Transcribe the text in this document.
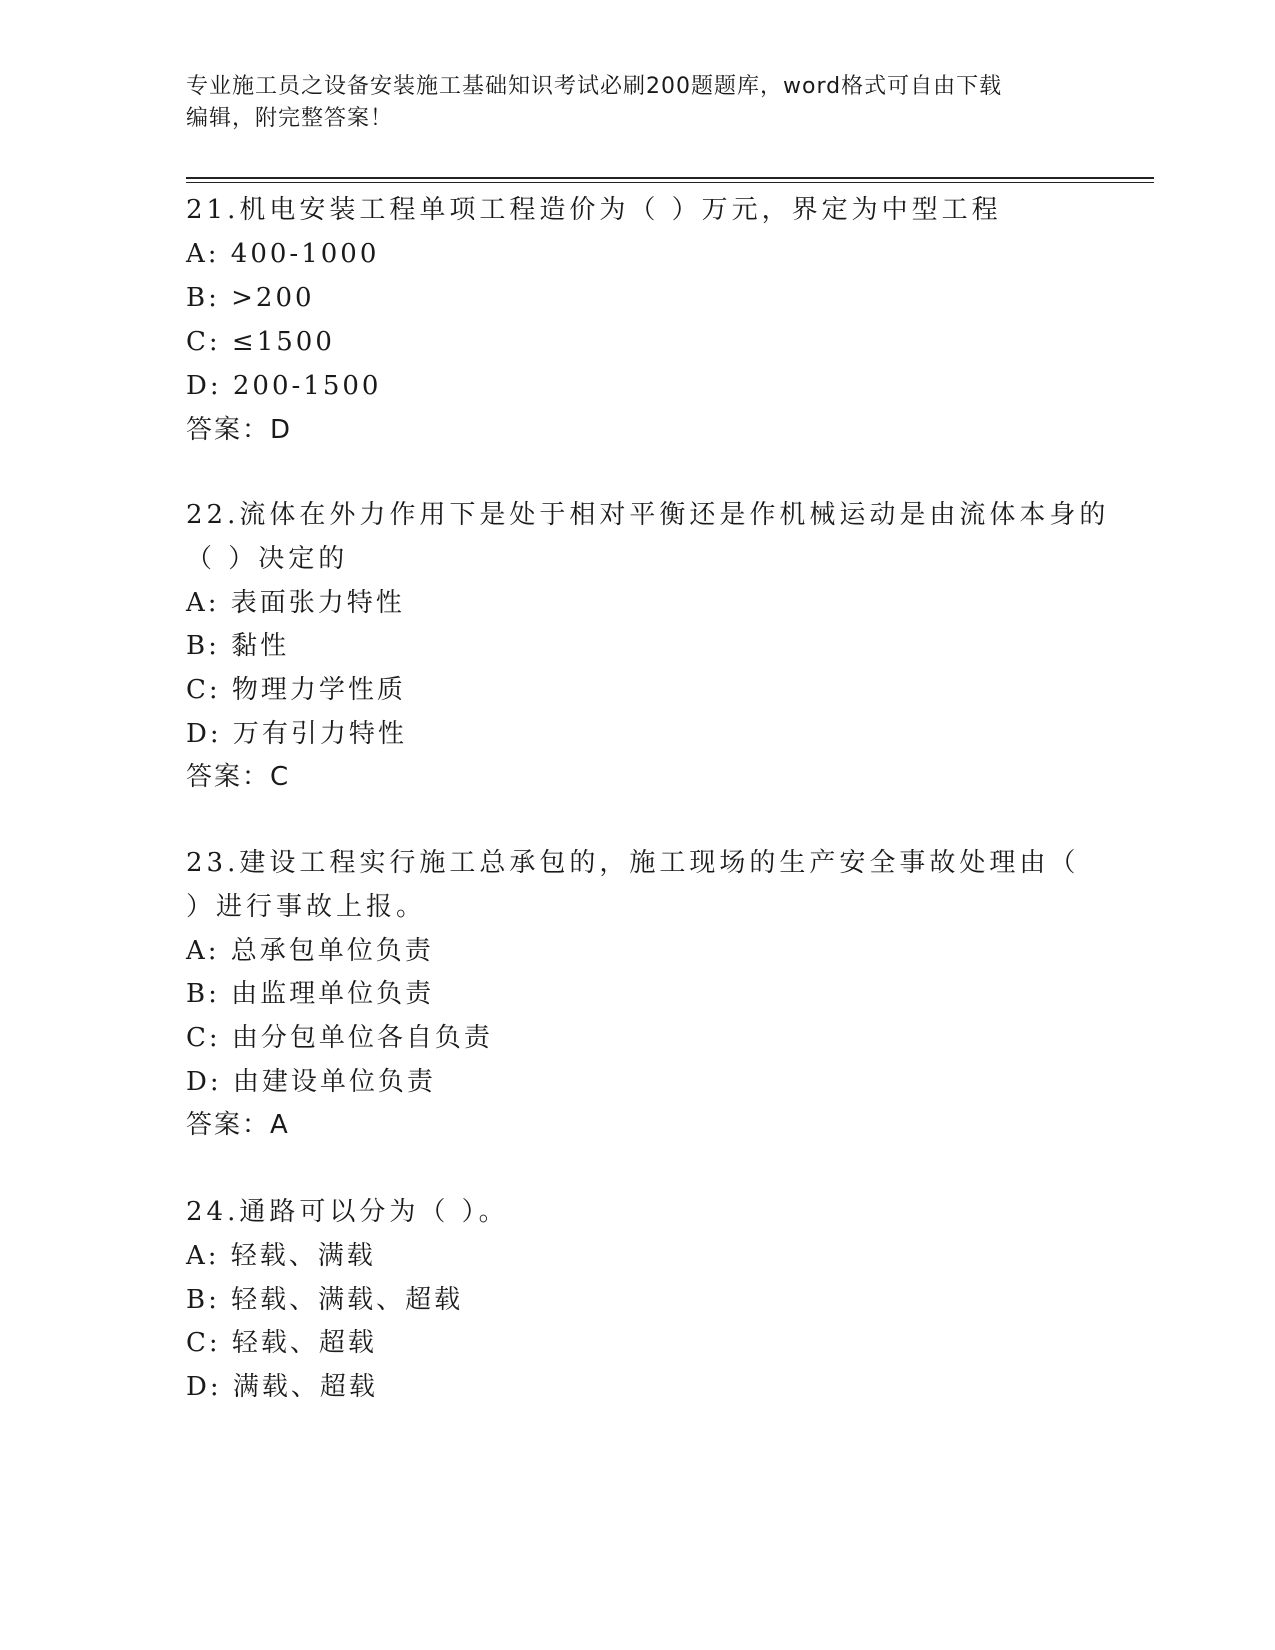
专业施工员之设备安装施工基础知识考试必刷200题题库，word格式可自由下载
编辑，附完整答案！
21.机电安装工程单项工程造价为（ ）万元，界定为中型工程
A: 400-1000
B: >200
C: ≤1500
D: 200-1500
答案：D
22.流体在外力作用下是处于相对平衡还是作机械运动是由流体本身的
（ ）决定的
A: 表面张力特性
B: 黏性
C: 物理力学性质
D: 万有引力特性
答案：C
23.建设工程实行施工总承包的，施工现场的生产安全事故处理由（
）进行事故上报。
A: 总承包单位负责
B: 由监理单位负责
C: 由分包单位各自负责
D: 由建设单位负责
答案：A
24.通路可以分为（ ）。
A: 轻载、满载
B: 轻载、满载、超载
C: 轻载、超载
D: 满载、超载
